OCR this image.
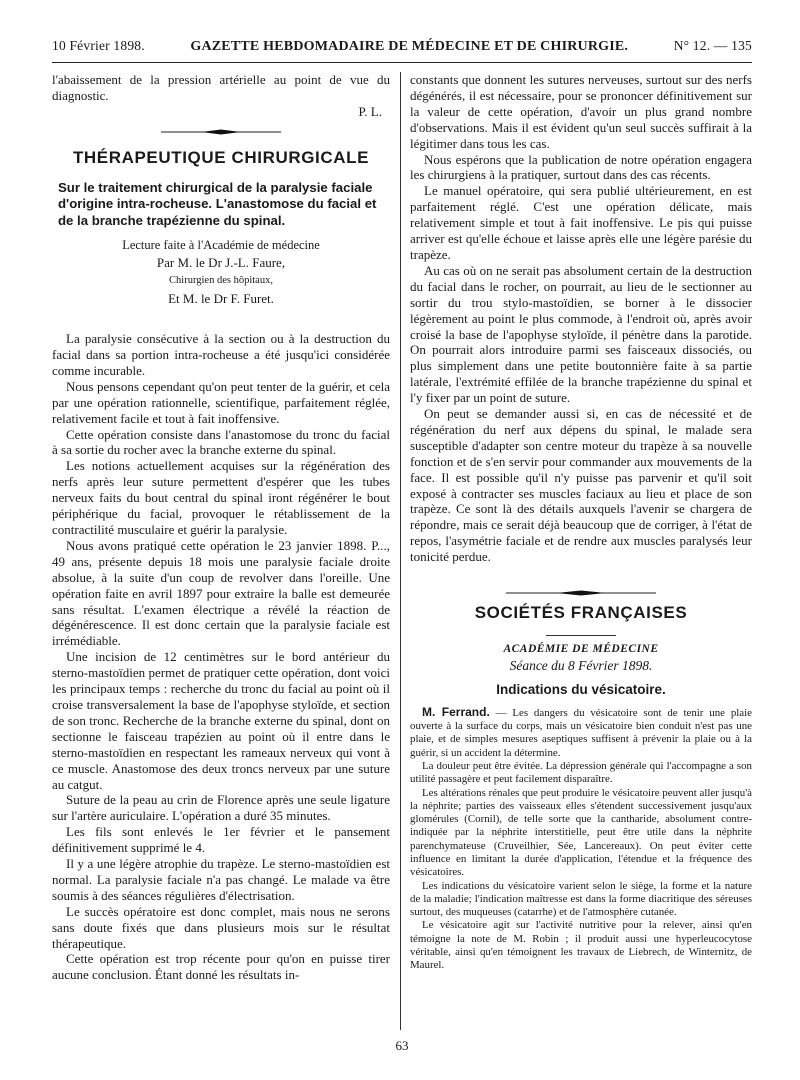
10 Février 1898.	GAZETTE HEBDOMADAIRE DE MÉDECINE ET DE CHIRURGIE.	N° 12. — 135

l'abaissement de la pression artérielle au point de vue du diagnostic.

P. L.
THÉRAPEUTIQUE CHIRURGICALE
Sur le traitement chirurgical de la paralysie faciale d'origine intra-rocheuse. L'anastomose du facial et de la branche trapézienne du spinal.
Lecture faite à l'Académie de médecine
Par M. le Dr J.-L. Faure,
Chirurgien des hôpitaux,
Et M. le Dr F. Furet.

La paralysie consécutive à la section ou à la destruction du facial dans sa portion intra-rocheuse a été jusqu'ici considérée comme incurable.

Nous pensons cependant qu'on peut tenter de la guérir, et cela par une opération rationnelle, scientifique, parfaitement réglée, relativement facile et tout à fait inoffensive.

Cette opération consiste dans l'anastomose du tronc du facial à sa sortie du rocher avec la branche externe du spinal.

Les notions actuellement acquises sur la régénération des nerfs après leur suture permettent d'espérer que les tubes nerveux faits du bout central du spinal iront régénérer le bout périphérique du facial, provoquer le rétablissement de la contractilité musculaire et guérir la paralysie.

Nous avons pratiqué cette opération le 23 janvier 1898. P..., 49 ans, présente depuis 18 mois une paralysie faciale droite absolue, à la suite d'un coup de revolver dans l'oreille. Une opération faite en avril 1897 pour extraire la balle est demeurée sans résultat. L'examen électrique a révélé la réaction de dégénérescence. Il est donc certain que la paralysie faciale est irrémédiable.

Une incision de 12 centimètres sur le bord antérieur du sterno-mastoïdien permet de pratiquer cette opération, dont voici les principaux temps : recherche du tronc du facial au point où il croise transversalement la base de l'apophyse styloïde, et section de son tronc. Recherche de la branche externe du spinal, dont on sectionne le faisceau trapézien au point où il entre dans le sterno-mastoïdien en respectant les rameaux nerveux qui vont à ce muscle. Anastomose des deux troncs nerveux par une suture au catgut.

Suture de la peau au crin de Florence après une seule ligature sur l'artère auriculaire. L'opération a duré 35 minutes.

Les fils sont enlevés le 1er février et le pansement définitivement supprimé le 4.

Il y a une légère atrophie du trapèze. Le sterno-mastoïdien est normal. La paralysie faciale n'a pas changé. Le malade va être soumis à des séances régulières d'électrisation.

Le succès opératoire est donc complet, mais nous ne serons sans doute fixés que dans plusieurs mois sur le résultat thérapeutique.

Cette opération est trop récente pour qu'on en puisse tirer aucune conclusion. Étant donné les résultats in-

constants que donnent les sutures nerveuses, surtout sur des nerfs dégénérés, il est nécessaire, pour se prononcer définitivement sur la valeur de cette opération, d'avoir un plus grand nombre d'observations. Mais il est évident qu'un seul succès suffirait à la légitimer dans tous les cas.

Nous espérons que la publication de notre opération engagera les chirurgiens à la pratiquer, surtout dans des cas récents.

Le manuel opératoire, qui sera publié ultérieurement, en est parfaitement réglé. C'est une opération délicate, mais relativement simple et tout à fait inoffensive. Le pis qui puisse arriver est qu'elle échoue et laisse après elle une légère parésie du trapèze.

Au cas où on ne serait pas absolument certain de la destruction du facial dans le rocher, on pourrait, au lieu de le sectionner au sortir du trou stylo-mastoïdien, se borner à le dissocier légèrement au point le plus commode, à l'endroit où, après avoir croisé la base de l'apophyse styloïde, il pénètre dans la parotide. On pourrait alors introduire parmi ses faisceaux dissociés, ou plus simplement dans une petite boutonnière faite à sa partie latérale, l'extrémité effilée de la branche trapézienne du spinal et l'y fixer par un point de suture.

On peut se demander aussi si, en cas de nécessité et de régénération du nerf aux dépens du spinal, le malade sera susceptible d'adapter son centre moteur du trapèze à sa nouvelle fonction et de s'en servir pour commander aux mouvements de la face. Il est possible qu'il n'y puisse pas parvenir et qu'il soit exposé à contracter ses muscles faciaux au lieu et place de son trapèze. Ce sont là des détails auxquels l'avenir se chargera de répondre, mais ce serait déjà beaucoup que de corriger, à l'état de repos, l'asymétrie faciale et de rendre aux muscles paralysés leur tonicité perdue.

SOCIÉTÉS FRANÇAISES
ACADÉMIE DE MÉDECINE
Séance du 8 Février 1898.
Indications du vésicatoire.

M. Ferrand. — Les dangers du vésicatoire sont de tenir une plaie ouverte à la surface du corps, mais un vésicatoire bien conduit n'est pas une plaie, et de simples mesures aseptiques suffisent à prévenir la plaie ou à la guérir, si un accident la détermine.

La douleur peut être évitée. La dépression générale qui l'accompagne a son utilité passagère et peut facilement disparaître.

Les altérations rénales que peut produire le vésicatoire peuvent aller jusqu'à la néphrite; parties des vaisseaux elles s'étendent successivement jusqu'aux glomérules (Cornil), de telle sorte que la cantharide, absolument contre-indiquée par la néphrite interstitielle, peut être utile dans la néphrite parenchymateuse (Cruveilhier, Sée, Lancereaux). On peut éviter cette influence en limitant la durée d'application, l'étendue et la fréquence des vésicatoires.

Les indications du vésicatoire varient selon le siège, la forme et la nature de la maladie; l'indication maîtresse est dans la forme diacritique des séreuses surtout, des muqueuses (catarrhe) et de l'atmosphère cutanée.

Le vésicatoire agit sur l'activité nutritive pour la relever, ainsi qu'en témoigne la note de M. Robin ; il produit aussi une hyperleucocytose véritable, ainsi qu'en témoignent les travaux de Liebrech, de Winternitz, de Maurel.

63
